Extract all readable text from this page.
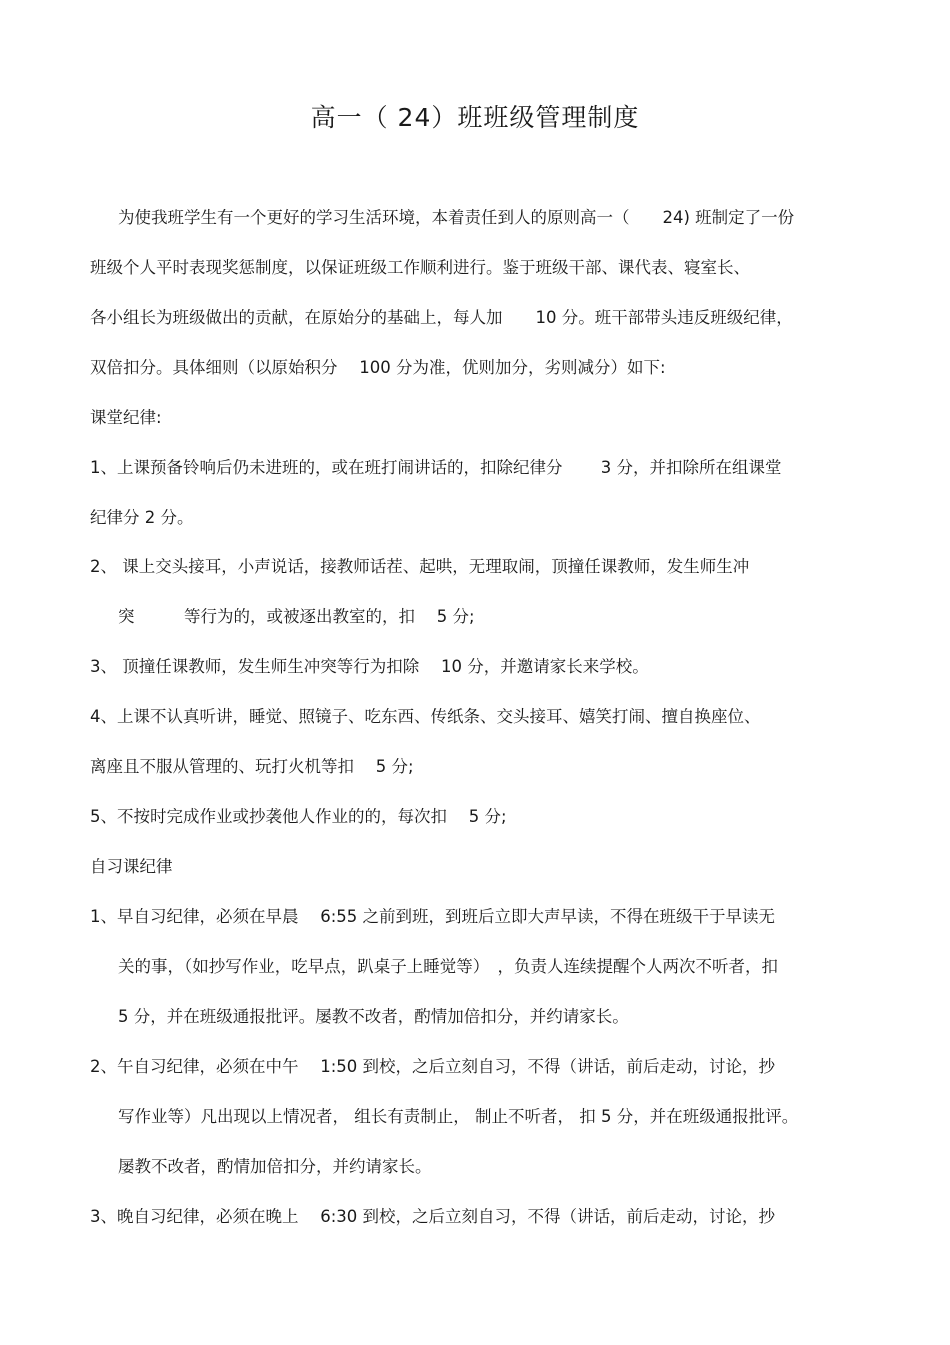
高一（ 24）班班级管理制度
为使我班学生有一个更好的学习生活环境，本着责任到人的原则高一（　　24) 班制定了一份
班级个人平时表现奖惩制度，以保证班级工作顺利进行。鉴于班级干部、课代表、寝室长、
各小组长为班级做出的贡献，在原始分的基础上，每人加　　10 分。班干部带头违反班级纪律，
双倍扣分。具体细则（以原始积分　 100 分为准，优则加分，劣则减分）如下:
课堂纪律:
1、上课预备铃响后仍未进班的，或在班打闹讲话的，扣除纪律分　　 3 分，并扣除所在组课堂
纪律分 2 分。
2、 课上交头接耳，小声说话，接教师话茬、起哄，无理取闹，顶撞任课教师，发生师生冲
突　　　等行为的，或被逐出教室的，扣　 5 分;
3、 顶撞任课教师，发生师生冲突等行为扣除　 10 分，并邀请家长来学校。
4、上课不认真听讲，睡觉、照镜子、吃东西、传纸条、交头接耳、嬉笑打闹、擅自换座位、
离座且不服从管理的、玩打火机等扣　 5 分;
5、不按时完成作业或抄袭他人作业的的，每次扣　 5 分;
自习课纪律
1、早自习纪律，必须在早晨　 6:55 之前到班，到班后立即大声早读，不得在班级干于早读无
关的事，（如抄写作业，吃早点，趴桌子上睡觉等）　，负责人连续提醒个人两次不听者，扣
5 分，并在班级通报批评。屡教不改者，酌情加倍扣分，并约请家长。
2、午自习纪律，必须在中午　 1:50 到校，之后立刻自习，不得（讲话，前后走动，讨论，抄
写作业等）凡出现以上情况者， 组长有责制止， 制止不听者， 扣 5 分，并在班级通报批评。
屡教不改者，酌情加倍扣分，并约请家长。
3、晚自习纪律，必须在晚上　 6:30 到校，之后立刻自习，不得（讲话，前后走动，讨论，抄
